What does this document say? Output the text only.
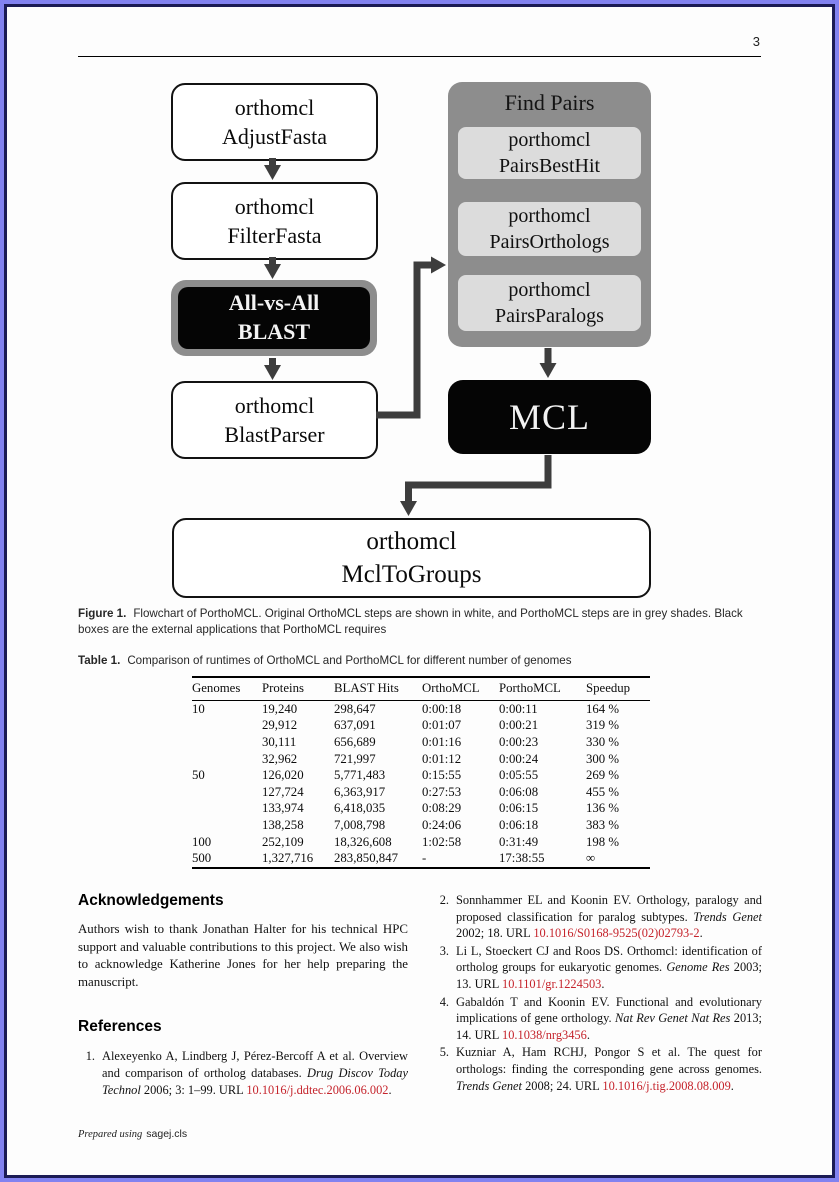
3
orthomcl
AdjustFasta
orthomcl
FilterFasta
All-vs-All
BLAST
orthomcl
BlastParser
Find Pairs
porthomcl
PairsBestHit
porthomcl
PairsOrthologs
porthomcl
PairsParalogs
MCL
orthomcl
MclToGroups

Figure 1. Flowchart of PorthoMCL. Original OrthoMCL steps are shown in white, and PorthoMCL steps are in grey shades. Black boxes are the external applications that PorthoMCL requires

Table 1. Comparison of runtimes of OrthoMCL and PorthoMCL for different number of genomes

Genomes	Proteins	BLAST Hits	OrthoMCL	PorthoMCL	Speedup
10	19,240	298,647	0:00:18	0:00:11	164 %
	29,912	637,091	0:01:07	0:00:21	319 %
	30,111	656,689	0:01:16	0:00:23	330 %
	32,962	721,997	0:01:12	0:00:24	300 %
50	126,020	5,771,483	0:15:55	0:05:55	269 %
	127,724	6,363,917	0:27:53	0:06:08	455 %
	133,974	6,418,035	0:08:29	0:06:15	136 %
	138,258	7,008,798	0:24:06	0:06:18	383 %
100	252,109	18,326,608	1:02:58	0:31:49	198 %
500	1,327,716	283,850,847	-	17:38:55	∞
Acknowledgements

Authors wish to thank Jonathan Halter for his technical HPC support and valuable contributions to this project. We also wish to acknowledge Katherine Jones for her help preparing the manuscript.

References
1. Alexeyenko A, Lindberg J, Pérez-Bercoff A et al. Overview and comparison of ortholog databases. Drug Discov Today Technol 2006; 3: 1–99. URL 10.1016/j.ddtec.2006.06.002.
2. Sonnhammer EL and Koonin EV. Orthology, paralogy and proposed classification for paralog subtypes. Trends Genet 2002; 18. URL 10.1016/S0168-9525(02)02793-2.
3. Li L, Stoeckert CJ and Roos DS. Orthomcl: identification of ortholog groups for eukaryotic genomes. Genome Res 2003; 13. URL 10.1101/gr.1224503.
4. Gabaldón T and Koonin EV. Functional and evolutionary implications of gene orthology. Nat Rev Genet Nat Res 2013; 14. URL 10.1038/nrg3456.
5. Kuzniar A, Ham RCHJ, Pongor S et al. The quest for orthologs: finding the corresponding gene across genomes. Trends Genet 2008; 24. URL 10.1016/j.tig.2008.08.009.
Prepared using sagej.cls
